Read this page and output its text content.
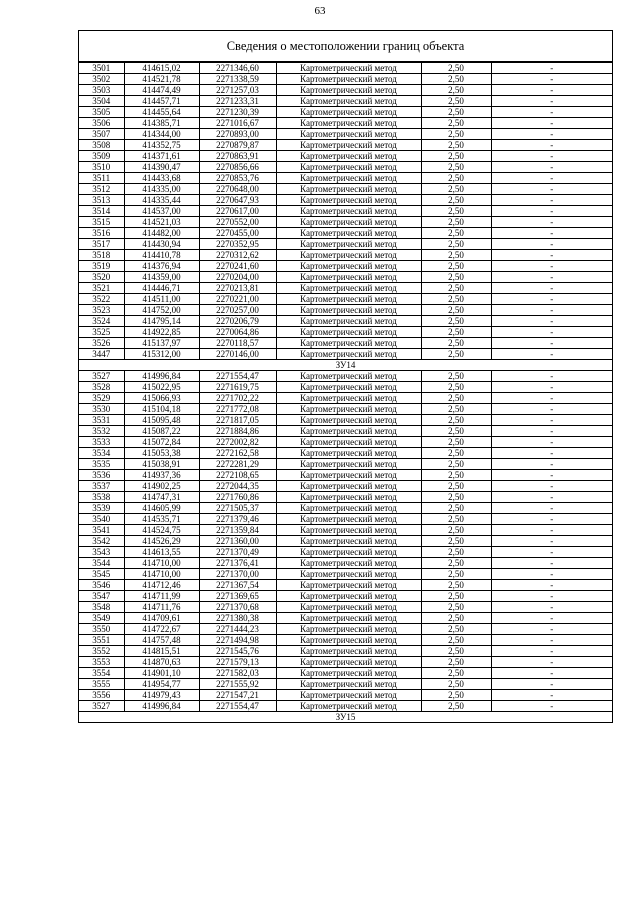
63
Сведения о местоположении границ объекта
3501	414615,02	2271346,60	Картометрический метод	2,50	-
3502	414521,78	2271338,59	Картометрический метод	2,50	-
3503	414474,49	2271257,03	Картометрический метод	2,50	-
3504	414457,71	2271233,31	Картометрический метод	2,50	-
3505	414455,64	2271230,39	Картометрический метод	2,50	-
3506	414385,71	2271016,67	Картометрический метод	2,50	-
3507	414344,00	2270893,00	Картометрический метод	2,50	-
3508	414352,75	2270879,87	Картометрический метод	2,50	-
3509	414371,61	2270863,91	Картометрический метод	2,50	-
3510	414390,47	2270856,66	Картометрический метод	2,50	-
3511	414433,68	2270853,76	Картометрический метод	2,50	-
3512	414335,00	2270648,00	Картометрический метод	2,50	-
3513	414335,44	2270647,93	Картометрический метод	2,50	-
3514	414537,00	2270617,00	Картометрический метод	2,50	-
3515	414521,03	2270552,00	Картометрический метод	2,50	-
3516	414482,00	2270455,00	Картометрический метод	2,50	-
3517	414430,94	2270352,95	Картометрический метод	2,50	-
3518	414410,78	2270312,62	Картометрический метод	2,50	-
3519	414376,94	2270241,60	Картометрический метод	2,50	-
3520	414359,00	2270204,00	Картометрический метод	2,50	-
3521	414446,71	2270213,81	Картометрический метод	2,50	-
3522	414511,00	2270221,00	Картометрический метод	2,50	-
3523	414752,00	2270257,00	Картометрический метод	2,50	-
3524	414795,14	2270206,79	Картометрический метод	2,50	-
3525	414922,85	2270064,86	Картометрический метод	2,50	-
3526	415137,97	2270118,57	Картометрический метод	2,50	-
3447	415312,00	2270146,00	Картометрический метод	2,50	-
ЗУ14					
3527	414996,84	2271554,47	Картометрический метод	2,50	-
3528	415022,95	2271619,75	Картометрический метод	2,50	-
3529	415066,93	2271702,22	Картометрический метод	2,50	-
3530	415104,18	2271772,08	Картометрический метод	2,50	-
3531	415095,48	2271817,05	Картометрический метод	2,50	-
3532	415087,22	2271884,86	Картометрический метод	2,50	-
3533	415072,84	2272002,82	Картометрический метод	2,50	-
3534	415053,38	2272162,58	Картометрический метод	2,50	-
3535	415038,91	2272281,29	Картометрический метод	2,50	-
3536	414937,36	2272108,65	Картометрический метод	2,50	-
3537	414902,25	2272044,35	Картометрический метод	2,50	-
3538	414747,31	2271760,86	Картометрический метод	2,50	-
3539	414605,99	2271505,37	Картометрический метод	2,50	-
3540	414535,71	2271379,46	Картометрический метод	2,50	-
3541	414524,75	2271359,84	Картометрический метод	2,50	-
3542	414526,29	2271360,00	Картометрический метод	2,50	-
3543	414613,55	2271370,49	Картометрический метод	2,50	-
3544	414710,00	2271376,41	Картометрический метод	2,50	-
3545	414710,00	2271370,00	Картометрический метод	2,50	-
3546	414712,46	2271367,54	Картометрический метод	2,50	-
3547	414711,99	2271369,65	Картометрический метод	2,50	-
3548	414711,76	2271370,68	Картометрический метод	2,50	-
3549	414709,61	2271380,38	Картометрический метод	2,50	-
3550	414722,67	2271444,23	Картометрический метод	2,50	-
3551	414757,48	2271494,98	Картометрический метод	2,50	-
3552	414815,51	2271545,76	Картометрический метод	2,50	-
3553	414870,63	2271579,13	Картометрический метод	2,50	-
3554	414901,10	2271582,03	Картометрический метод	2,50	-
3555	414954,77	2271555,92	Картометрический метод	2,50	-
3556	414979,43	2271547,21	Картометрический метод	2,50	-
3527	414996,84	2271554,47	Картометрический метод	2,50	-
ЗУ15					
